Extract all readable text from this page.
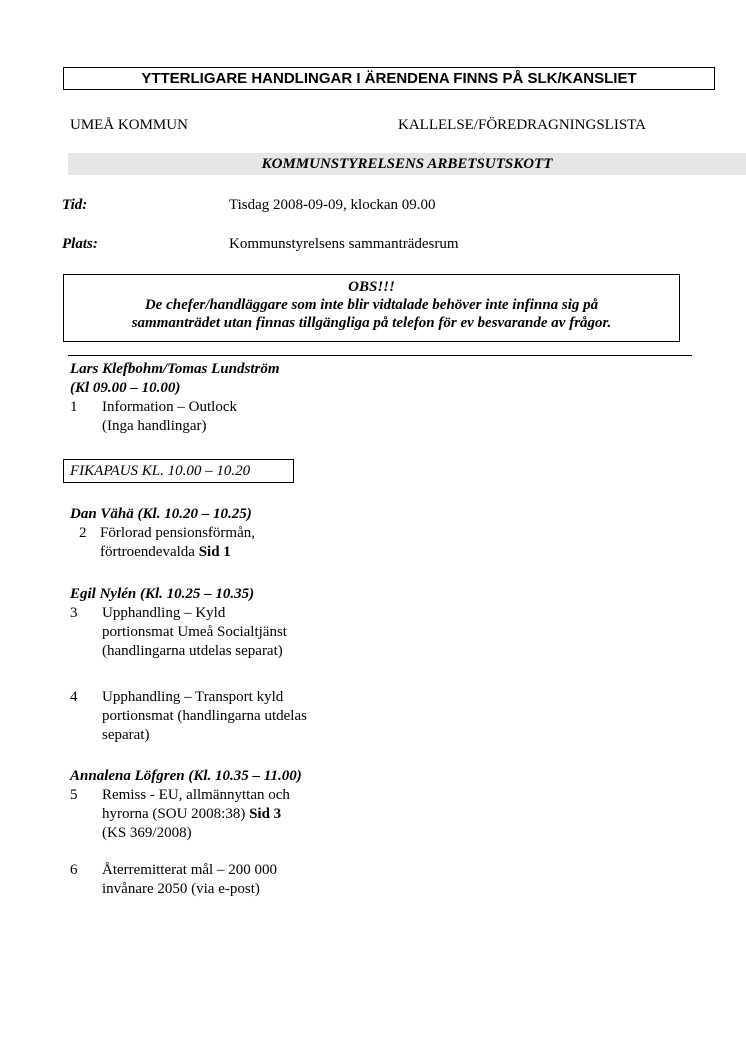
YTTERLIGARE HANDLINGAR I ÄRENDENA FINNS PÅ SLK/KANSLIET
UMEÅ KOMMUN	KALLELSE/FÖREDRAGNINGSLISTA
KOMMUNSTYRELSENS ARBETSUTSKOTT
Tid:	Tisdag 2008-09-09, klockan 09.00
Plats:	Kommunstyrelsens sammanträdesrum
OBS!!!
De chefer/handläggare som inte blir vidtalade behöver inte infinna sig på
sammanträdet utan finnas tillgängliga på telefon för ev besvarande av frågor.
Lars Klefbohm/Tomas Lundström
(Kl 09.00 – 10.00)
1	Information – Outlock
(Inga handlingar)
FIKAPAUS KL. 10.00 – 10.20
Dan Vähä (Kl. 10.20 – 10.25)
2 Förlorad pensionsförmån,
förtroendevalda Sid 1
Egil Nylén (Kl. 10.25 – 10.35)
3	Upphandling – Kyld
portionsmat Umeå Socialtjänst
(handlingarna utdelas separat)
4	Upphandling – Transport kyld
portionsmat (handlingarna utdelas
separat)
Annalena Löfgren (Kl. 10.35 – 11.00)
5	Remiss - EU, allmännyttan och
hyrorna (SOU 2008:38) Sid 3
(KS 369/2008)
6	Återremitterat mål – 200 000
invånare 2050 (via e-post)
